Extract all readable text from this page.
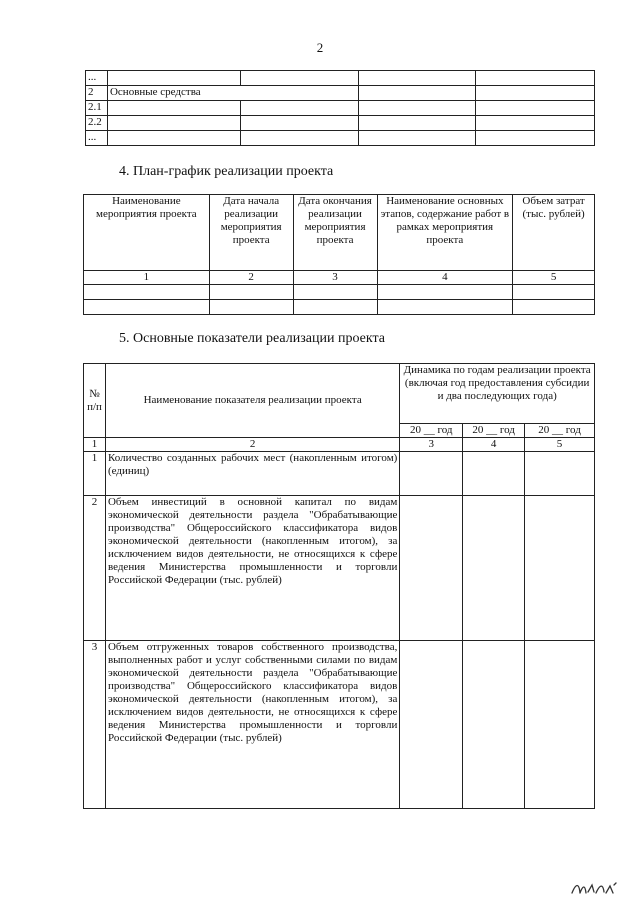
2
...				
2	Основные средства			
2.1				
2.2				
...				
4. План-график реализации проекта
Наименование мероприятия проекта	Дата начала реализации мероприятия проекта	Дата окончания реализации мероприятия проекта	Наименование основных этапов, содержание работ в рамках мероприятия проекта	Объем затрат (тыс. рублей)
1	2	3	4	5

5. Основные показатели реализации проекта
№ п/п	Наименование показателя реализации проекта	Динамика по годам реализации проекта (включая год предоставления субсидии и два последующих года)		
		20 __ год	20 __ год	20 __ год
1	2	3	4	5
1	Количество созданных рабочих мест (накопленным итогом) (единиц)			
2	Объем инвестиций в основной капитал по видам экономической деятельности раздела "Обрабатывающие производства" Общероссийского классификатора видов экономической деятельности (накопленным итогом), за исключением видов деятельности, не относящихся к сфере ведения Министерства промышленности и торговли Российской Федерации (тыс. рублей)			
3	Объем отгруженных товаров собственного производства, выполненных работ и услуг собственными силами по видам экономической деятельности раздела "Обрабатывающие производства" Общероссийского классификатора видов экономической деятельности (накопленным итогом), за исключением видов деятельности, не относящихся к сфере ведения Министерства промышленности и торговли Российской Федерации (тыс. рублей)			
